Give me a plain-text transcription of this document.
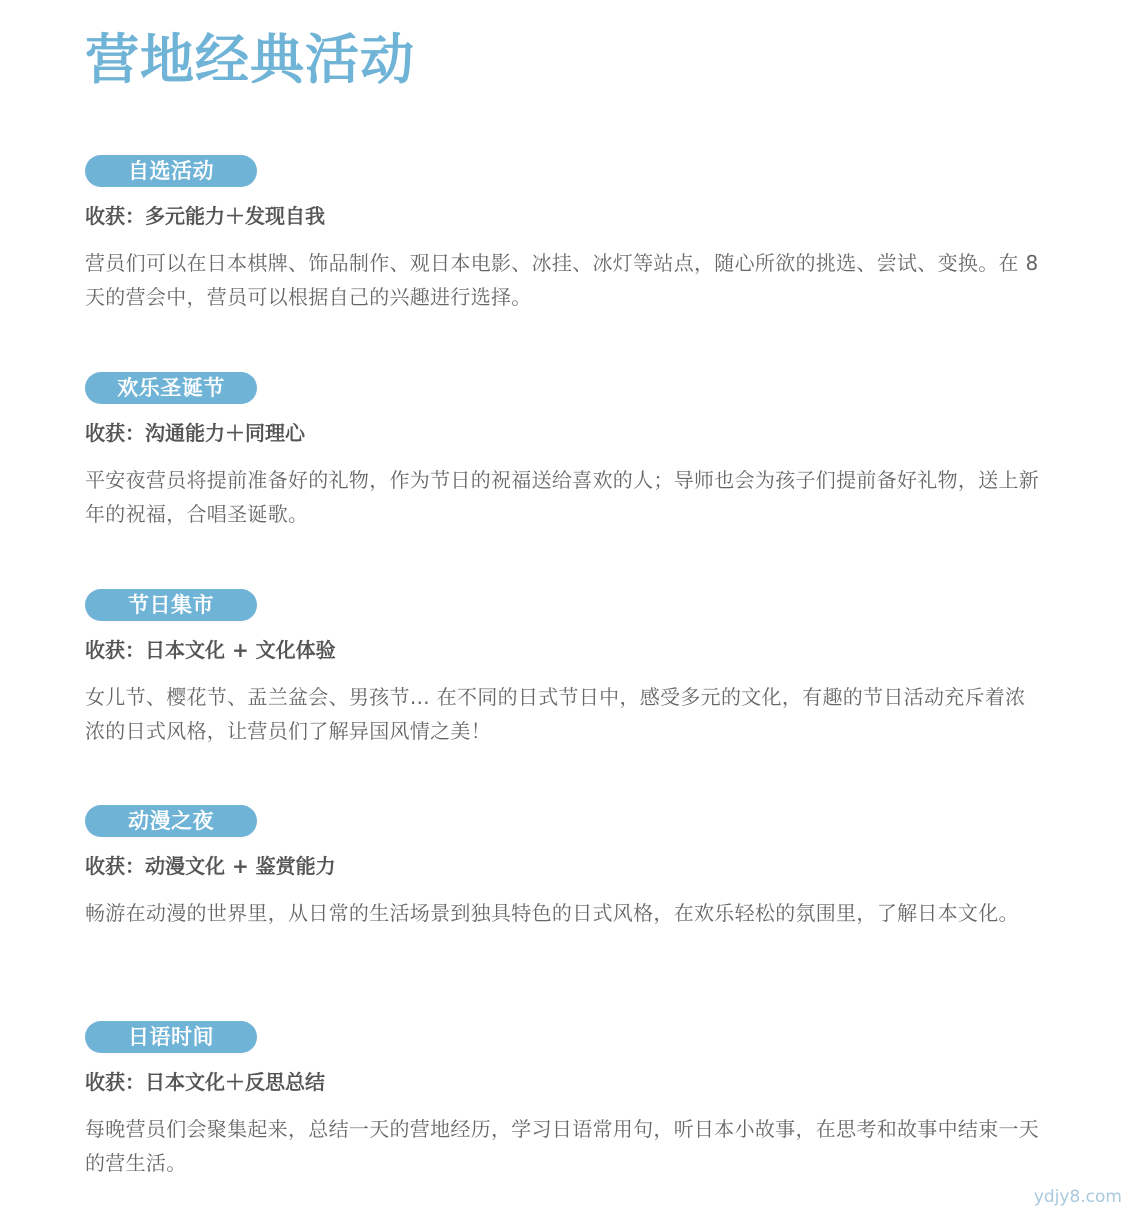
营地经典活动
自选活动
收获：多元能力＋发现自我
营员们可以在日本棋牌、饰品制作、观日本电影、冰挂、冰灯等站点，随心所欲的挑选、尝试、变换。在 8 天的营会中，营员可以根据自己的兴趣进行选择。
欢乐圣诞节
收获：沟通能力＋同理心
平安夜营员将提前准备好的礼物，作为节日的祝福送给喜欢的人；导师也会为孩子们提前备好礼物，送上新年的祝福，合唱圣诞歌。
节日集市
收获：日本文化 + 文化体验
女儿节、樱花节、盂兰盆会、男孩节… 在不同的日式节日中，感受多元的文化，有趣的节日活动充斥着浓浓的日式风格，让营员们了解异国风情之美！
动漫之夜
收获：动漫文化 + 鉴赏能力
畅游在动漫的世界里，从日常的生活场景到独具特色的日式风格，在欢乐轻松的氛围里，了解日本文化。
日语时间
收获：日本文化＋反思总结
每晚营员们会聚集起来，总结一天的营地经历，学习日语常用句，听日本小故事，在思考和故事中结束一天的营生活。
ydjy8.com
